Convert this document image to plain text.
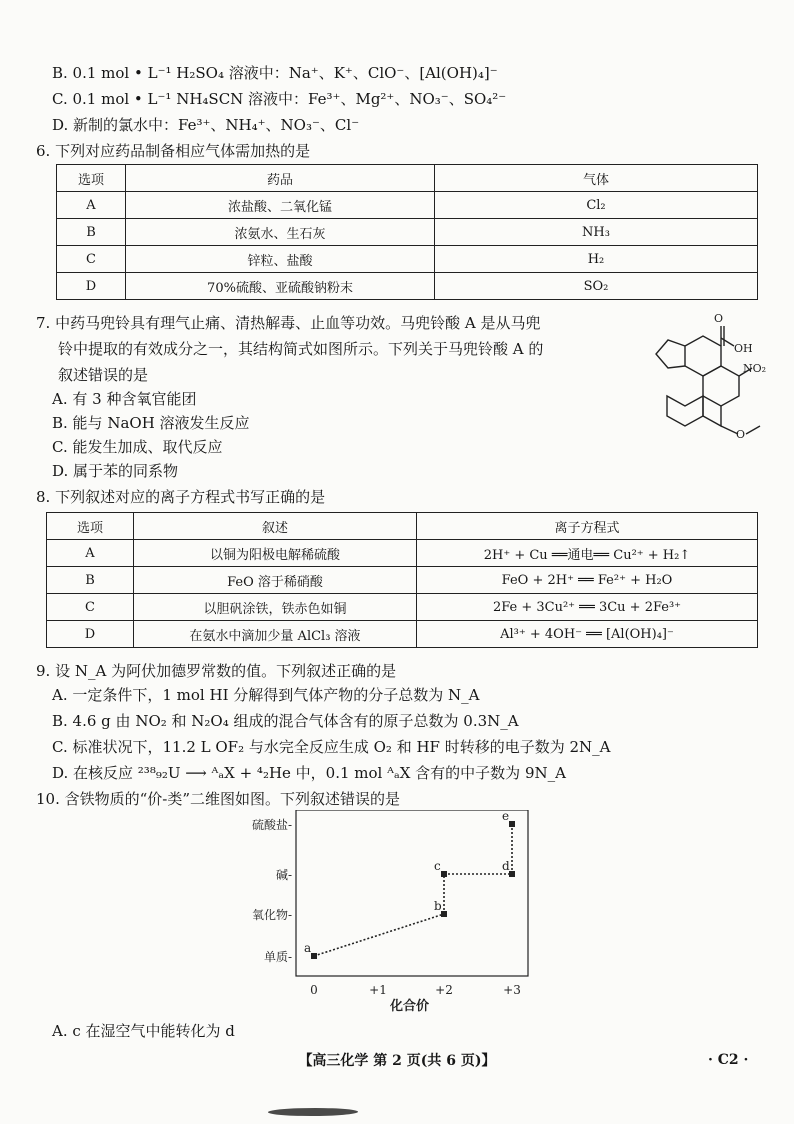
B. 0.1 mol • L⁻¹ H₂SO₄ 溶液中：Na⁺、K⁺、ClO⁻、[Al(OH)₄]⁻
C. 0.1 mol • L⁻¹ NH₄SCN 溶液中：Fe³⁺、Mg²⁺、NO₃⁻、SO₄²⁻
D. 新制的氯水中：Fe³⁺、NH₄⁺、NO₃⁻、Cl⁻
6. 下列对应药品制备相应气体需加热的是
选项	药品	气体
A	浓盐酸、二氧化锰	Cl₂
B	浓氨水、生石灰	NH₃
C	锌粒、盐酸	H₂
D	70%硫酸、亚硫酸钠粉末	SO₂
7. 中药马兜铃具有理气止痛、清热解毒、止血等功效。马兜铃酸 A 是从马兜
铃中提取的有效成分之一，其结构简式如图所示。下列关于马兜铃酸 A 的
叙述错误的是
A. 有 3 种含氧官能团
B. 能与 NaOH 溶液发生反应
C. 能发生加成、取代反应
D. 属于苯的同系物
O
OH
NO₂
O
8. 下列叙述对应的离子方程式书写正确的是
选项	叙述	离子方程式
A	以铜为阳极电解稀硫酸	2H⁺ + Cu ══通电══ Cu²⁺ + H₂↑
B	FeO 溶于稀硝酸	FeO + 2H⁺ ══ Fe²⁺ + H₂O
C	以胆矾涂铁，铁赤色如铜	2Fe + 3Cu²⁺ ══ 3Cu + 2Fe³⁺
D	在氨水中滴加少量 AlCl₃ 溶液	Al³⁺ + 4OH⁻ ══ [Al(OH)₄]⁻
9. 设 N_A 为阿伏加德罗常数的值。下列叙述正确的是
A. 一定条件下，1 mol HI 分解得到气体产物的分子总数为 N_A
B. 4.6 g 由 NO₂ 和 N₂O₄ 组成的混合气体含有的原子总数为 0.3N_A
C. 标准状况下，11.2 L OF₂ 与水完全反应生成 O₂ 和 HF 时转移的电子数为 2N_A
D. 在核反应 ²³⁸₉₂U ⟶ ᴬₐX + ⁴₂He 中，0.1 mol ᴬₐX 含有的中子数为 9N_A
10. 含铁物质的“价-类”二维图如图。下列叙述错误的是
单质-
氧化物-
碱-
硫酸盐-
0	+1	+2	+3
a
b
c	d
e
化合价
A. c 在湿空气中能转化为 d
【高三化学 第 2 页(共 6 页)】	· C2 ·
